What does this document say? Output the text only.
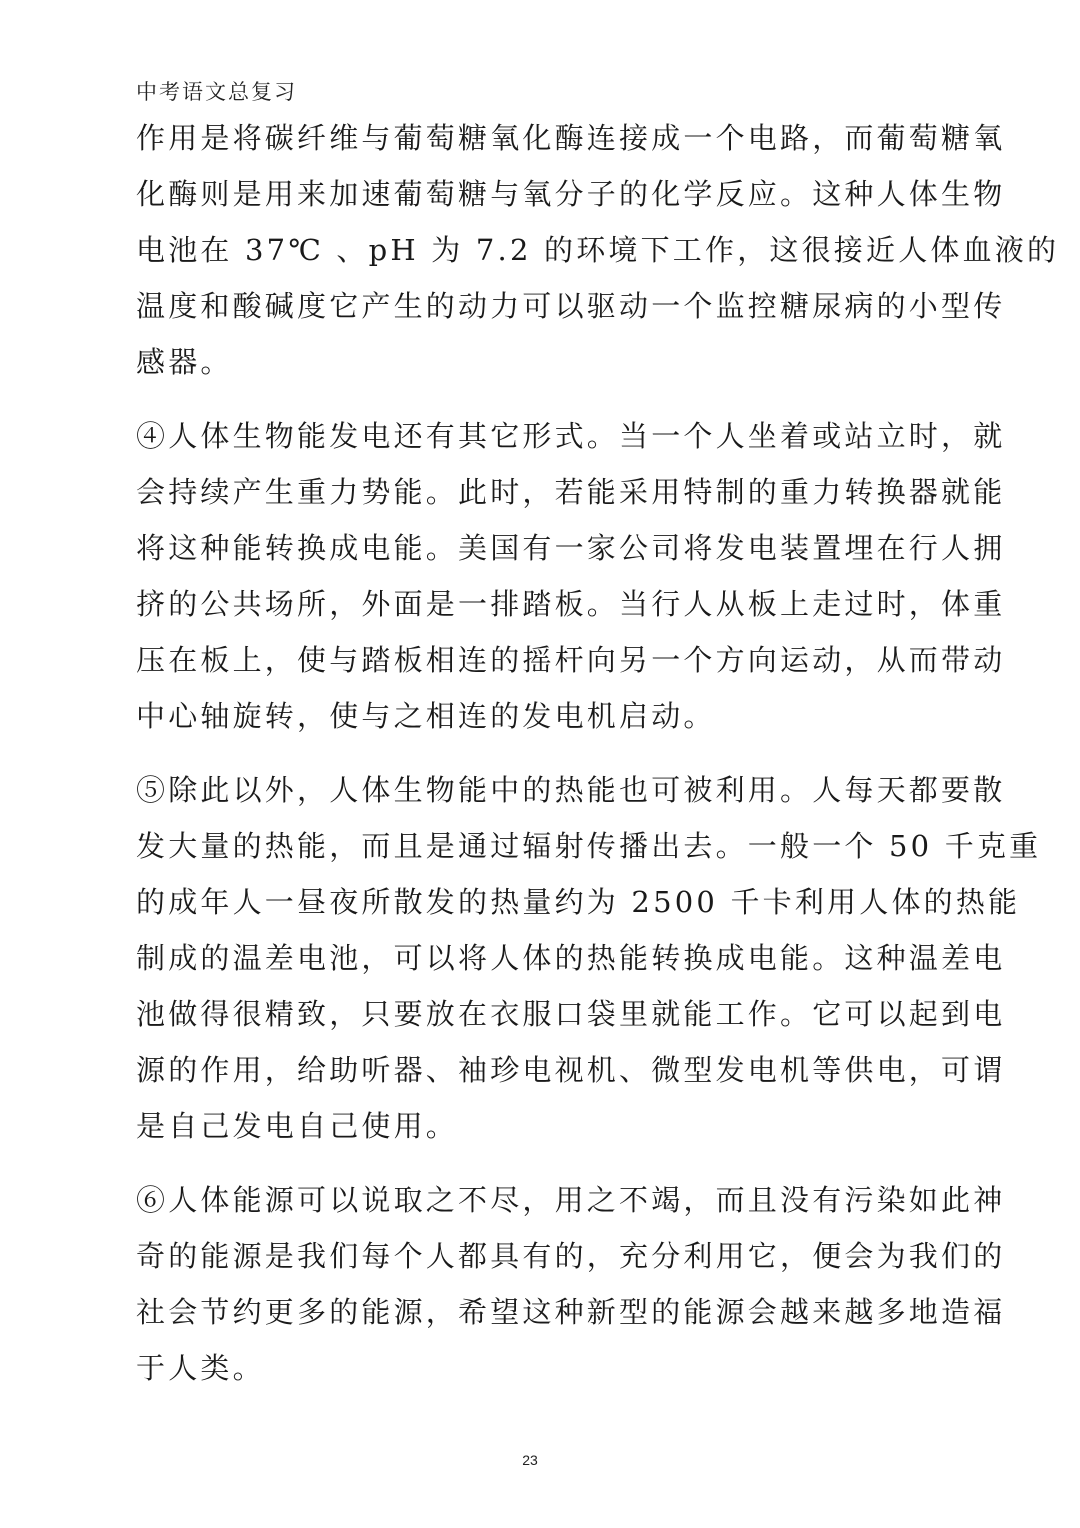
中考语文总复习
作用是将碳纤维与葡萄糖氧化酶连接成一个电路，而葡萄糖氧
化酶则是用来加速葡萄糖与氧分子的化学反应。这种人体生物
电池在 37℃ 、pH 为 7.2 的环境下工作，这很接近人体血液的
温度和酸碱度它产生的动力可以驱动一个监控糖尿病的小型传
感器。
④人体生物能发电还有其它形式。当一个人坐着或站立时，就
会持续产生重力势能。此时，若能采用特制的重力转换器就能
将这种能转换成电能。美国有一家公司将发电装置埋在行人拥
挤的公共场所，外面是一排踏板。当行人从板上走过时，体重
压在板上，使与踏板相连的摇杆向另一个方向运动，从而带动
中心轴旋转，使与之相连的发电机启动。
⑤除此以外，人体生物能中的热能也可被利用。人每天都要散
发大量的热能，而且是通过辐射传播出去。一般一个 50 千克重
的成年人一昼夜所散发的热量约为 2500 千卡利用人体的热能
制成的温差电池，可以将人体的热能转换成电能。这种温差电
池做得很精致，只要放在衣服口袋里就能工作。它可以起到电
源的作用，给助听器、袖珍电视机、微型发电机等供电，可谓
是自己发电自己使用。
⑥人体能源可以说取之不尽，用之不竭，而且没有污染如此神
奇的能源是我们每个人都具有的，充分利用它，便会为我们的
社会节约更多的能源，希望这种新型的能源会越来越多地造福
于人类。
23
